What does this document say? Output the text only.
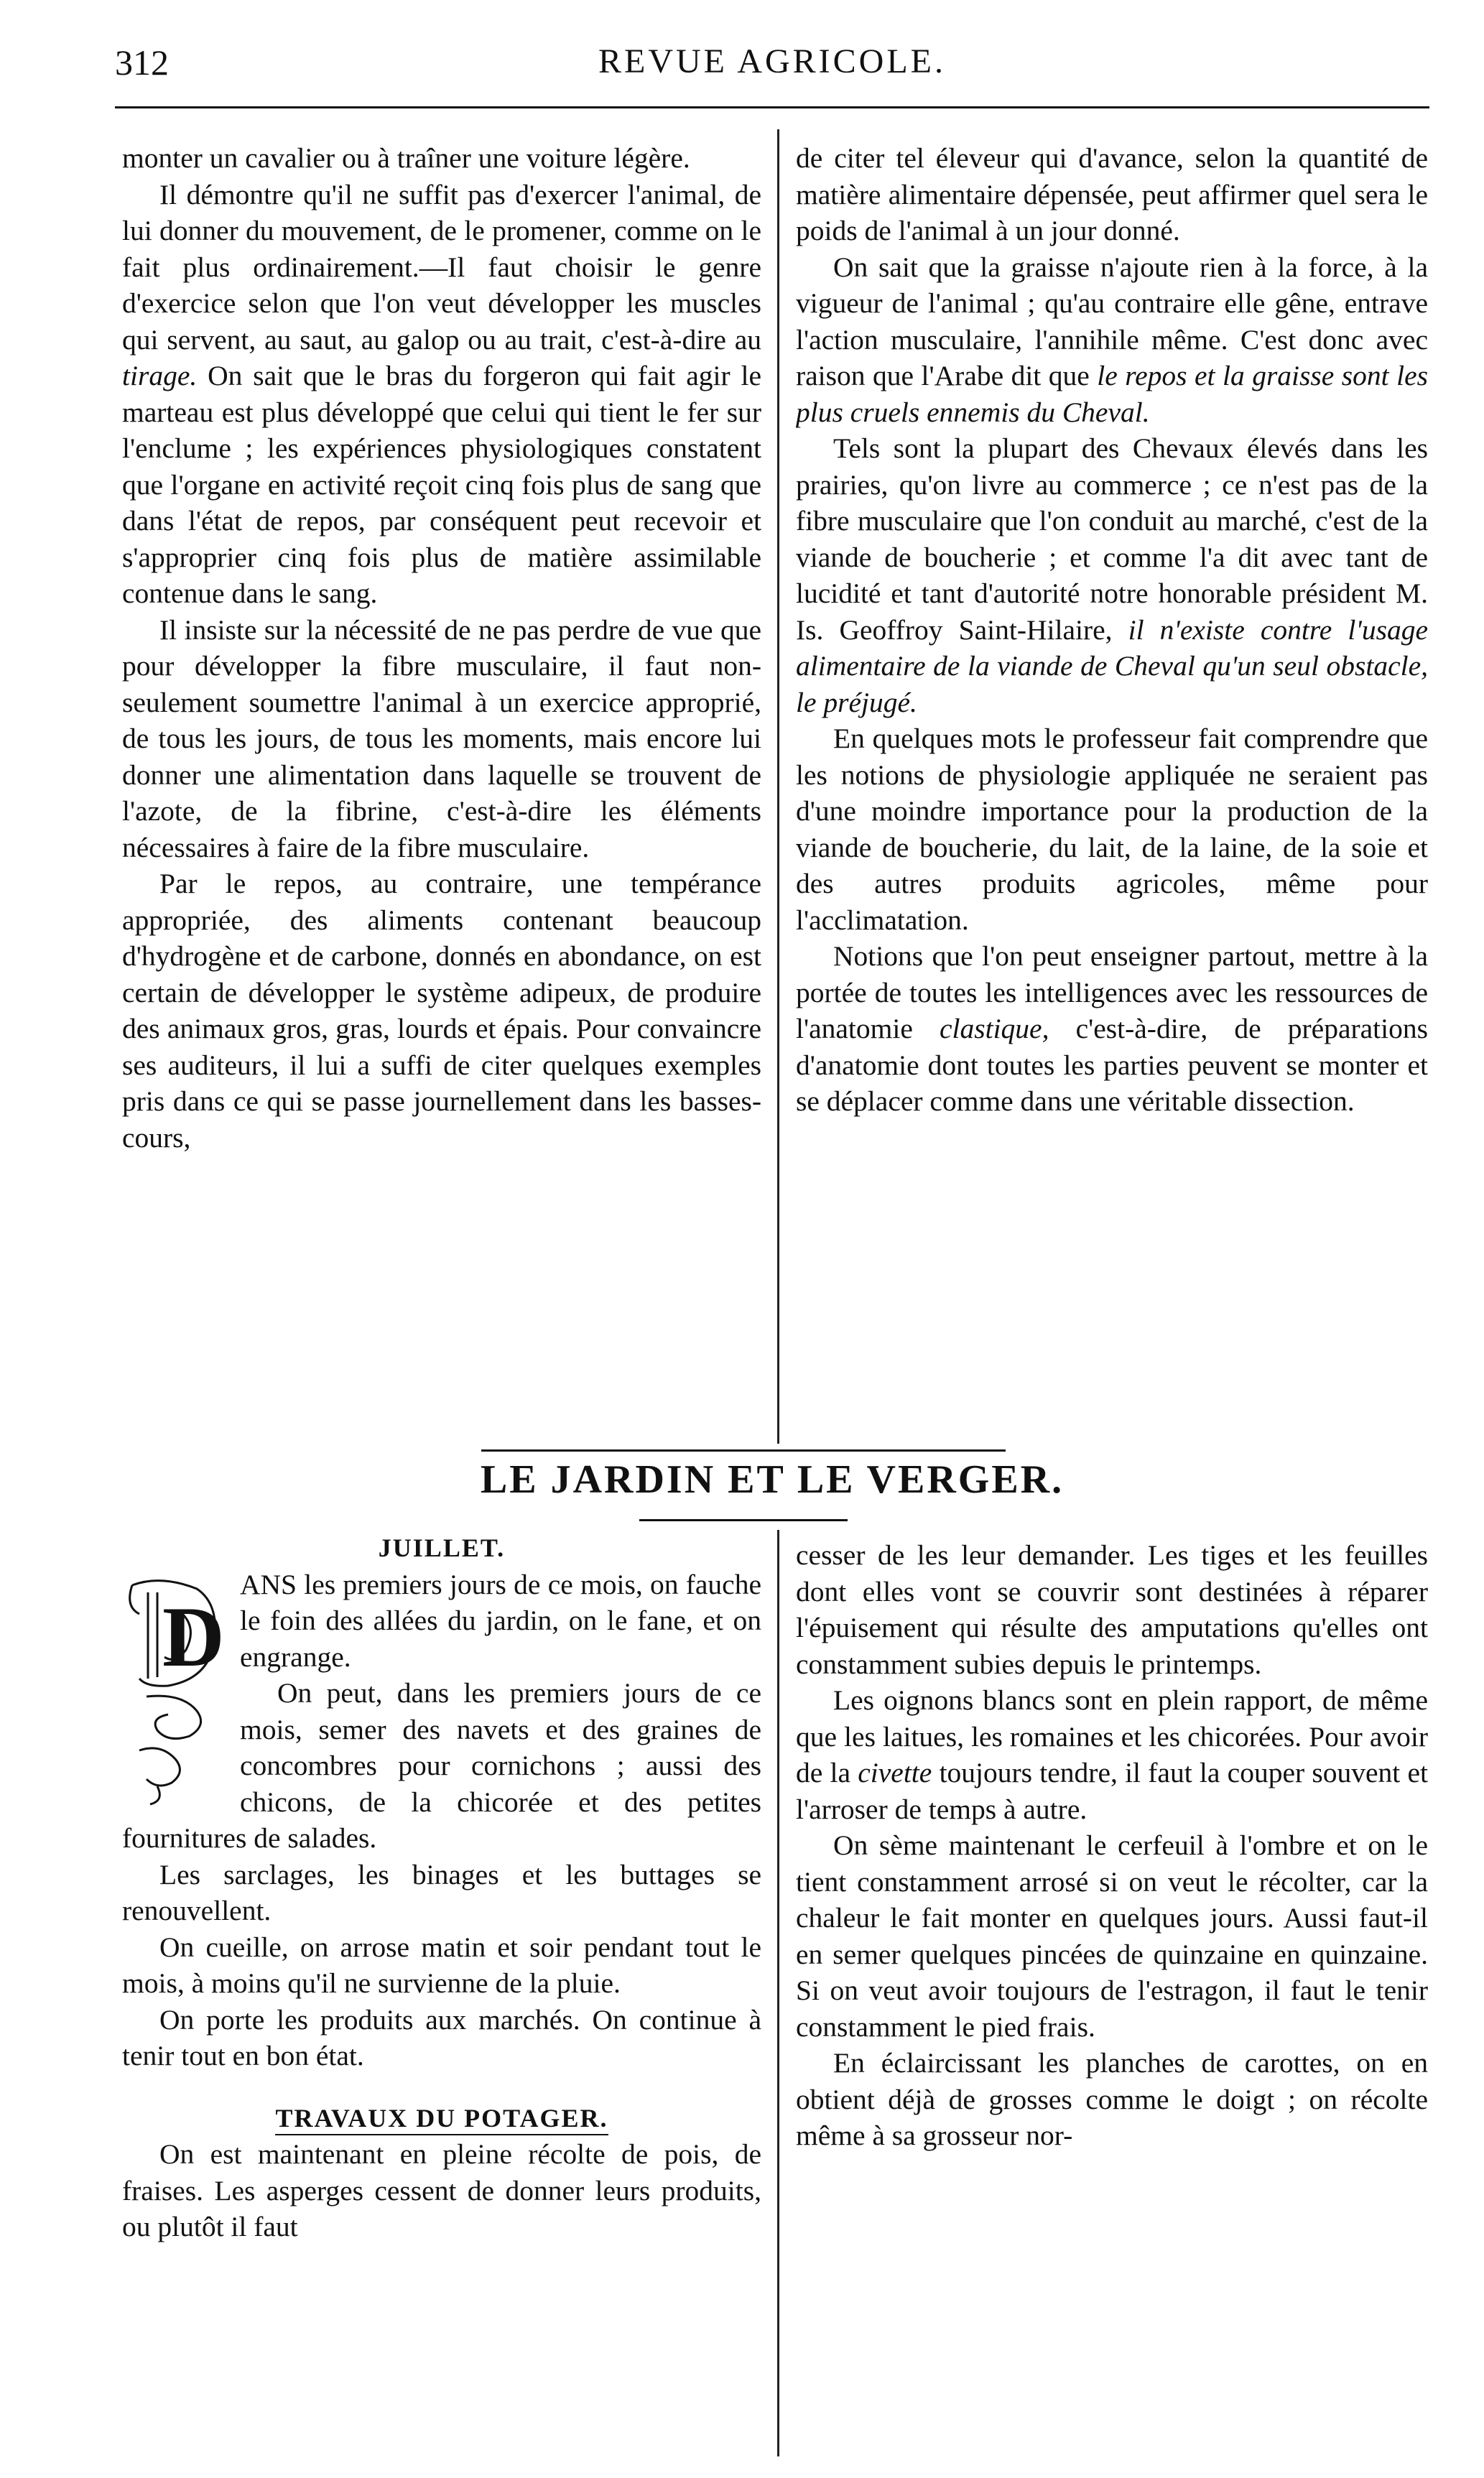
312	REVUE AGRICOLE.

monter un cavalier ou à traîner une voiture légère.

Il démontre qu'il ne suffit pas d'exercer l'animal, de lui donner du mouvement, de le promener, comme on le fait plus ordinairement.—Il faut choisir le genre d'exercice selon que l'on veut développer les muscles qui servent, au saut, au galop ou au trait, c'est-à-dire au tirage. On sait que le bras du forgeron qui fait agir le marteau est plus développé que celui qui tient le fer sur l'enclume ; les expériences physiologiques constatent que l'organe en activité reçoit cinq fois plus de sang que dans l'état de repos, par conséquent peut recevoir et s'approprier cinq fois plus de matière assimilable contenue dans le sang.

Il insiste sur la nécessité de ne pas perdre de vue que pour développer la fibre musculaire, il faut non-seulement soumettre l'animal à un exercice approprié, de tous les jours, de tous les moments, mais encore lui donner une alimentation dans laquelle se trouvent de l'azote, de la fibrine, c'est-à-dire les éléments nécessaires à faire de la fibre musculaire.

Par le repos, au contraire, une tempérance appropriée, des aliments contenant beaucoup d'hydrogène et de carbone, donnés en abondance, on est certain de développer le système adipeux, de produire des animaux gros, gras, lourds et épais. Pour convaincre ses auditeurs, il lui a suffi de citer quelques exemples pris dans ce qui se passe journellement dans les basses-cours,

de citer tel éleveur qui d'avance, selon la quantité de matière alimentaire dépensée, peut affirmer quel sera le poids de l'animal à un jour donné.

On sait que la graisse n'ajoute rien à la force, à la vigueur de l'animal ; qu'au contraire elle gêne, entrave l'action musculaire, l'annihile même. C'est donc avec raison que l'Arabe dit que le repos et la graisse sont les plus cruels ennemis du Cheval.

Tels sont la plupart des Chevaux élevés dans les prairies, qu'on livre au commerce ; ce n'est pas de la fibre musculaire que l'on conduit au marché, c'est de la viande de boucherie ; et comme l'a dit avec tant de lucidité et tant d'autorité notre honorable président M. Is. Geoffroy Saint-Hilaire, il n'existe contre l'usage alimentaire de la viande de Cheval qu'un seul obstacle, le préjugé.

En quelques mots le professeur fait comprendre que les notions de physiologie appliquée ne seraient pas d'une moindre importance pour la production de la viande de boucherie, du lait, de la laine, de la soie et des autres produits agricoles, même pour l'acclimatation.

Notions que l'on peut enseigner partout, mettre à la portée de toutes les intelligences avec les ressources de l'anatomie clastique, c'est-à-dire, de préparations d'anatomie dont toutes les parties peuvent se monter et se déplacer comme dans une véritable dissection.

LE JARDIN ET LE VERGER.

JUILLET.

D

ANS les premiers jours de ce mois, on fauche le foin des allées du jardin, on le fane, et on engrange.

On peut, dans les premiers jours de ce mois, semer des navets et des graines de concombres pour cornichons ; aussi des chicons, de la chicorée et des petites fournitures de salades.

Les sarclages, les binages et les buttages se renouvellent.

On cueille, on arrose matin et soir pendant tout le mois, à moins qu'il ne survienne de la pluie.

On porte les produits aux marchés. On continue à tenir tout en bon état.

TRAVAUX DU POTAGER.

On est maintenant en pleine récolte de pois, de fraises. Les asperges cessent de donner leurs produits, ou plutôt il faut

cesser de les leur demander. Les tiges et les feuilles dont elles vont se couvrir sont destinées à réparer l'épuisement qui résulte des amputations qu'elles ont constamment subies depuis le printemps.

Les oignons blancs sont en plein rapport, de même que les laitues, les romaines et les chicorées. Pour avoir de la civette toujours tendre, il faut la couper souvent et l'arroser de temps à autre.

On sème maintenant le cerfeuil à l'ombre et on le tient constamment arrosé si on veut le récolter, car la chaleur le fait monter en quelques jours. Aussi faut-il en semer quelques pincées de quinzaine en quinzaine. Si on veut avoir toujours de l'estragon, il faut le tenir constamment le pied frais.

En éclaircissant les planches de carottes, on en obtient déjà de grosses comme le doigt ; on récolte même à sa grosseur nor-
